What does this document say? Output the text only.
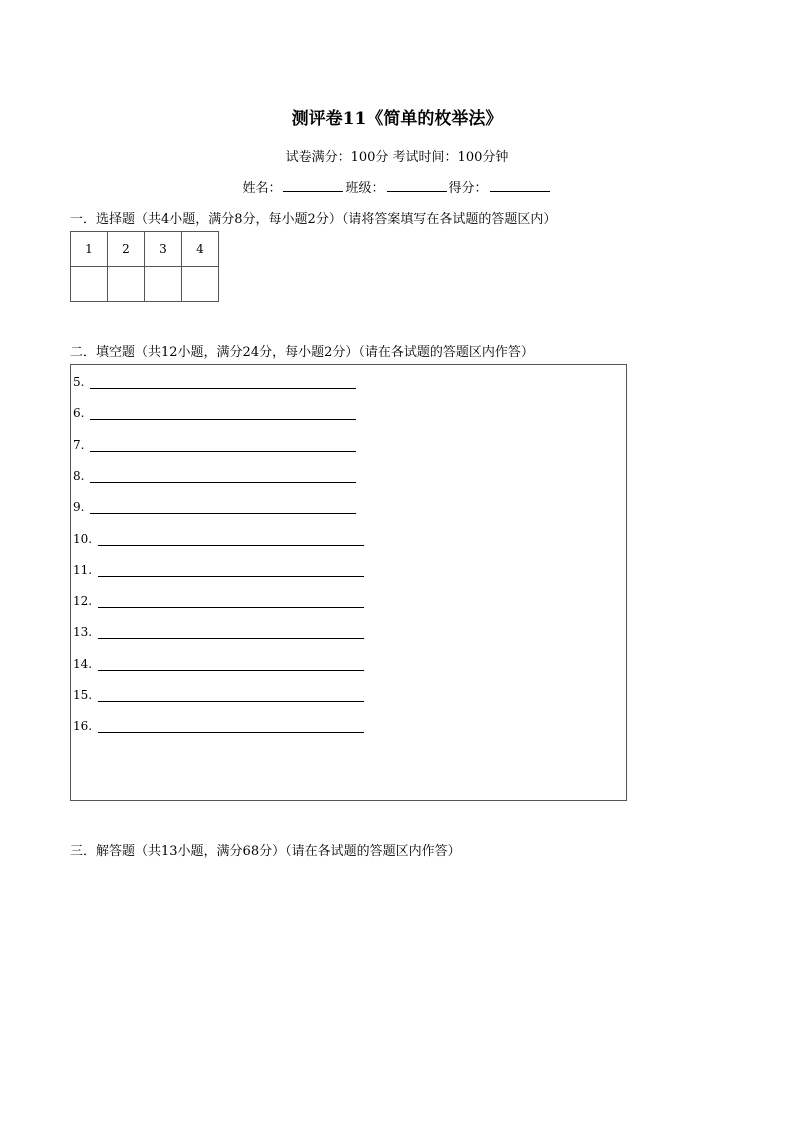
测评卷11《简单的枚举法》
试卷满分：100分 考试时间：100分钟
姓名：	班级：	得分：
一．选择题（共4小题，满分8分，每小题2分）（请将答案填写在各试题的答题区内）
1	2	3	4

二．填空题（共12小题，满分24分，每小题2分）（请在各试题的答题区内作答）
5.
6.
7.
8.
9.
10.
11.
12.
13.
14.
15.
16.
三．解答题（共13小题，满分68分）（请在各试题的答题区内作答）
